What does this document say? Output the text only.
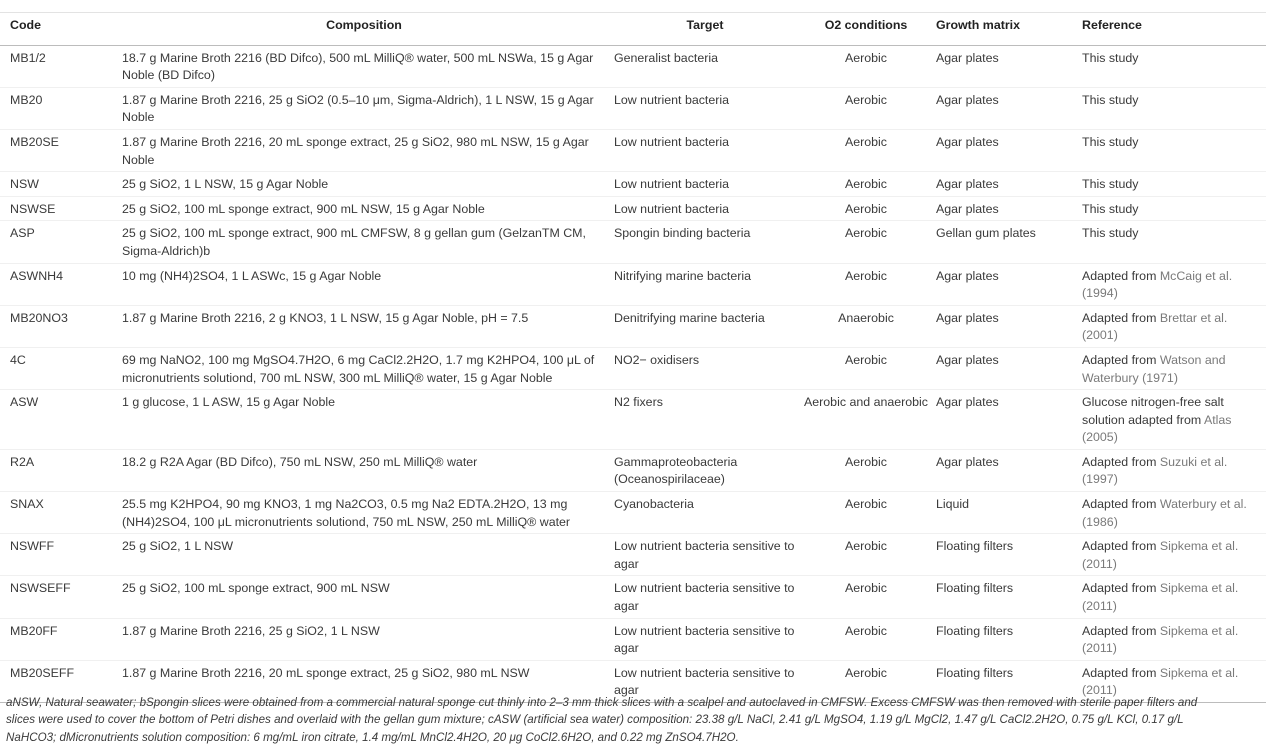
Code	Composition	Target	O2 conditions	Growth matrix	Reference
MB1/2	18.7 g Marine Broth 2216 (BD Difco), 500 mL MilliQ® water, 500 mL NSWa, 15 g Agar Noble (BD Difco)	Generalist bacteria	Aerobic	Agar plates	This study
MB20	1.87 g Marine Broth 2216, 25 g SiO2 (0.5–10 μm, Sigma-Aldrich), 1 L NSW, 15 g Agar Noble	Low nutrient bacteria	Aerobic	Agar plates	This study
MB20SE	1.87 g Marine Broth 2216, 20 mL sponge extract, 25 g SiO2, 980 mL NSW, 15 g Agar Noble	Low nutrient bacteria	Aerobic	Agar plates	This study
NSW	25 g SiO2, 1 L NSW, 15 g Agar Noble	Low nutrient bacteria	Aerobic	Agar plates	This study
NSWSE	25 g SiO2, 100 mL sponge extract, 900 mL NSW, 15 g Agar Noble	Low nutrient bacteria	Aerobic	Agar plates	This study
ASP	25 g SiO2, 100 mL sponge extract, 900 mL CMFSW, 8 g gellan gum (GelzanTM CM, Sigma-Aldrich)b	Spongin binding bacteria	Aerobic	Gellan gum plates	This study
ASWNH4	10 mg (NH4)2SO4, 1 L ASWc, 15 g Agar Noble	Nitrifying marine bacteria	Aerobic	Agar plates	Adapted from McCaig et al. (1994)
MB20NO3	1.87 g Marine Broth 2216, 2 g KNO3, 1 L NSW, 15 g Agar Noble, pH = 7.5	Denitrifying marine bacteria	Anaerobic	Agar plates	Adapted from Brettar et al. (2001)
4C	69 mg NaNO2, 100 mg MgSO4.7H2O, 6 mg CaCl2.2H2O, 1.7 mg K2HPO4, 100 μL of micronutrients solutiond, 700 mL NSW, 300 mL MilliQ® water, 15 g Agar Noble	NO2− oxidisers	Aerobic	Agar plates	Adapted from Watson and Waterbury (1971)
ASW	1 g glucose, 1 L ASW, 15 g Agar Noble	N2 fixers	Aerobic and anaerobic	Agar plates	Glucose nitrogen-free salt solution adapted from Atlas (2005)
R2A	18.2 g R2A Agar (BD Difco), 750 mL NSW, 250 mL MilliQ® water	Gammaproteobacteria (Oceanospirilaceae)	Aerobic	Agar plates	Adapted from Suzuki et al. (1997)
SNAX	25.5 mg K2HPO4, 90 mg KNO3, 1 mg Na2CO3, 0.5 mg Na2 EDTA.2H2O, 13 mg (NH4)2SO4, 100 μL micronutrients solutiond, 750 mL NSW, 250 mL MilliQ® water	Cyanobacteria	Aerobic	Liquid	Adapted from Waterbury et al. (1986)
NSWFF	25 g SiO2, 1 L NSW	Low nutrient bacteria sensitive to agar	Aerobic	Floating filters	Adapted from Sipkema et al. (2011)
NSWSEFF	25 g SiO2, 100 mL sponge extract, 900 mL NSW	Low nutrient bacteria sensitive to agar	Aerobic	Floating filters	Adapted from Sipkema et al. (2011)
MB20FF	1.87 g Marine Broth 2216, 25 g SiO2, 1 L NSW	Low nutrient bacteria sensitive to agar	Aerobic	Floating filters	Adapted from Sipkema et al. (2011)
MB20SEFF	1.87 g Marine Broth 2216, 20 mL sponge extract, 25 g SiO2, 980 mL NSW	Low nutrient bacteria sensitive to agar	Aerobic	Floating filters	Adapted from Sipkema et al. (2011)
aNSW, Natural seawater; bSpongin slices were obtained from a commercial natural sponge cut thinly into 2–3 mm thick slices with a scalpel and autoclaved in CMFSW. Excess CMFSW was then removed with sterile paper filters and slices were used to cover the bottom of Petri dishes and overlaid with the gellan gum mixture; cASW (artificial sea water) composition: 23.38 g/L NaCl, 2.41 g/L MgSO4, 1.19 g/L MgCl2, 1.47 g/L CaCl2.2H2O, 0.75 g/L KCl, 0.17 g/L NaHCO3; dMicronutrients solution composition: 6 mg/mL iron citrate, 1.4 mg/mL MnCl2.4H2O, 20 μg CoCl2.6H2O, and 0.22 mg ZnSO4.7H2O.
